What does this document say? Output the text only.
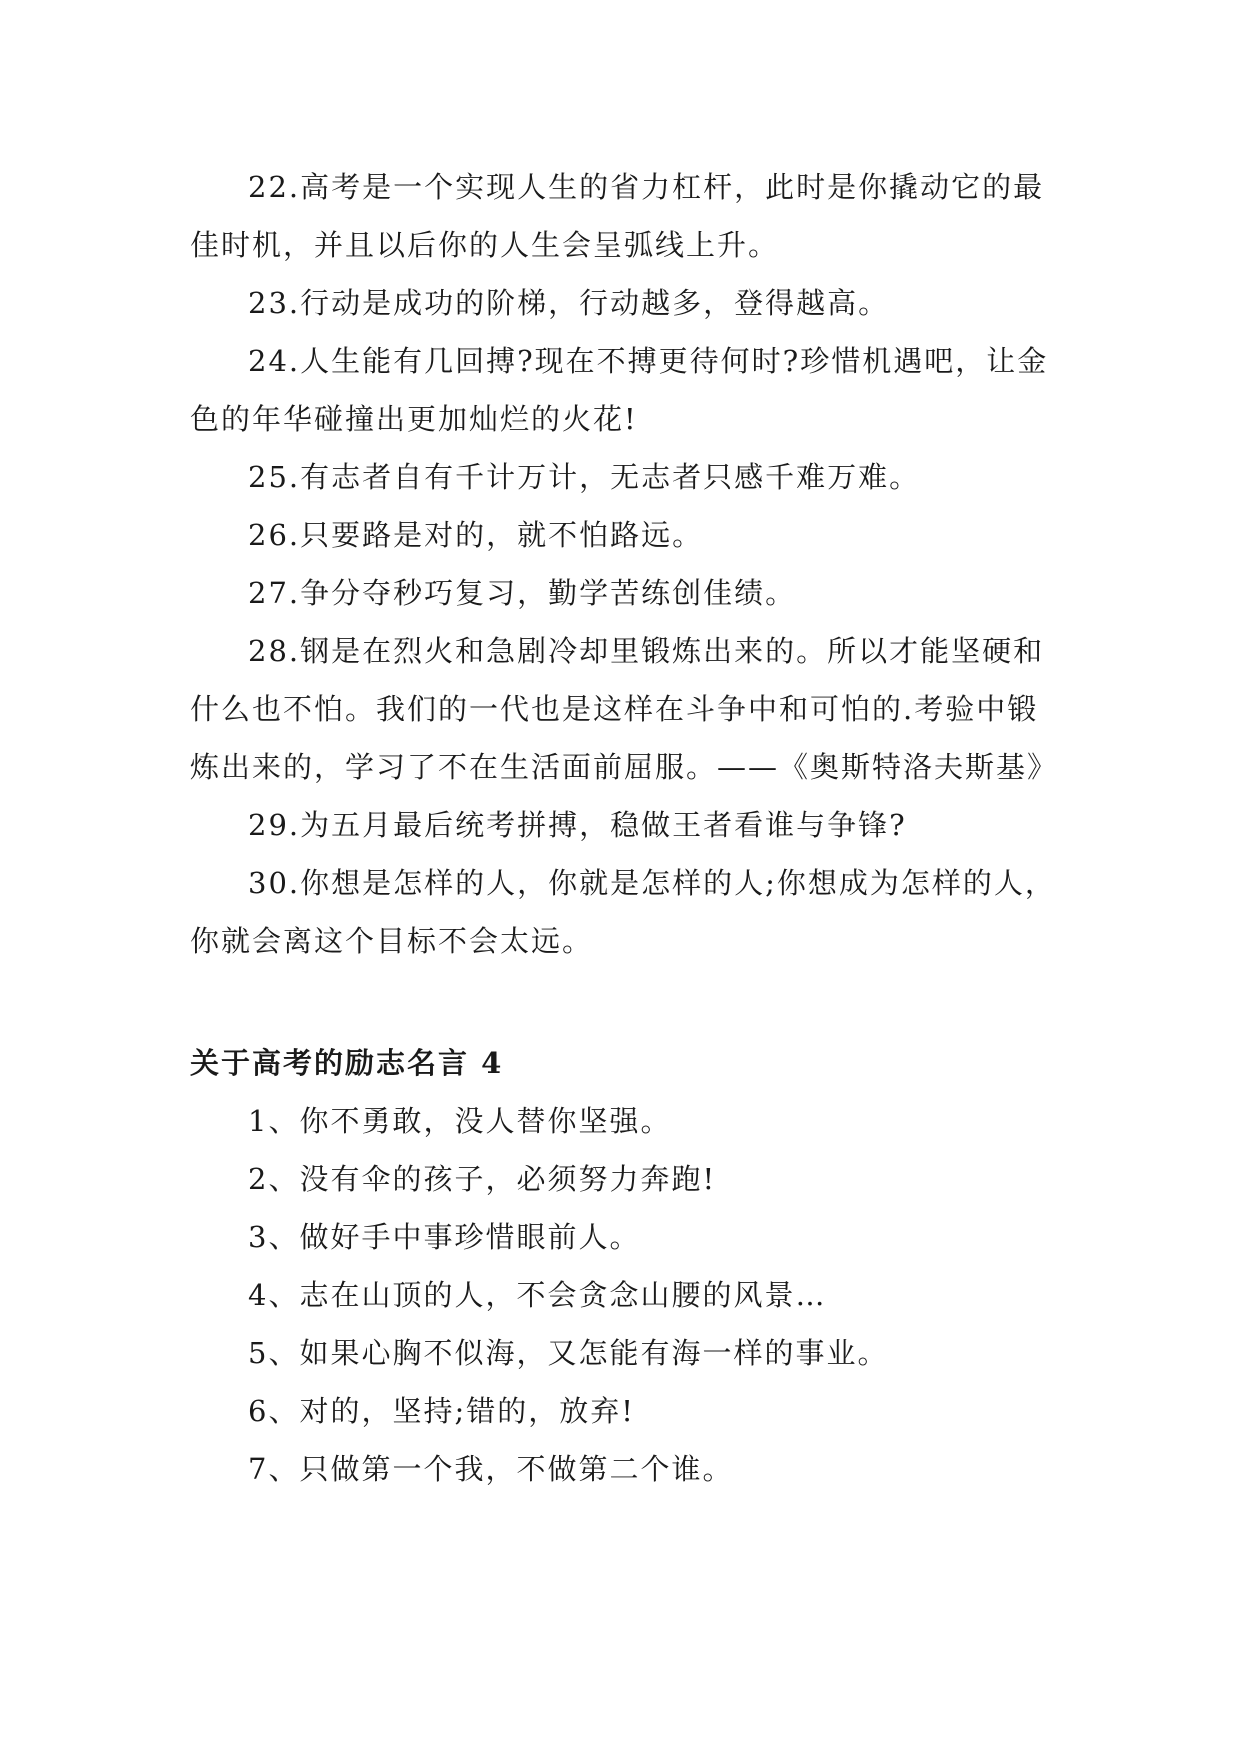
22.高考是一个实现人生的省力杠杆，此时是你撬动它的最佳时机，并且以后你的人生会呈弧线上升。

23.行动是成功的阶梯，行动越多，登得越高。

24.人生能有几回搏?现在不搏更待何时?珍惜机遇吧，让金色的年华碰撞出更加灿烂的火花!

25.有志者自有千计万计，无志者只感千难万难。

26.只要路是对的，就不怕路远。

27.争分夺秒巧复习，勤学苦练创佳绩。

28.钢是在烈火和急剧冷却里锻炼出来的。所以才能坚硬和什么也不怕。我们的一代也是这样在斗争中和可怕的.考验中锻炼出来的，学习了不在生活面前屈服。——《奥斯特洛夫斯基》

29.为五月最后统考拼搏，稳做王者看谁与争锋?

30.你想是怎样的人，你就是怎样的人;你想成为怎样的人，你就会离这个目标不会太远。

关于高考的励志名言 4

1、你不勇敢，没人替你坚强。

2、没有伞的孩子，必须努力奔跑!

3、做好手中事珍惜眼前人。

4、志在山顶的人，不会贪念山腰的风景…

5、如果心胸不似海，又怎能有海一样的事业。

6、对的，坚持;错的，放弃!

7、只做第一个我，不做第二个谁。
